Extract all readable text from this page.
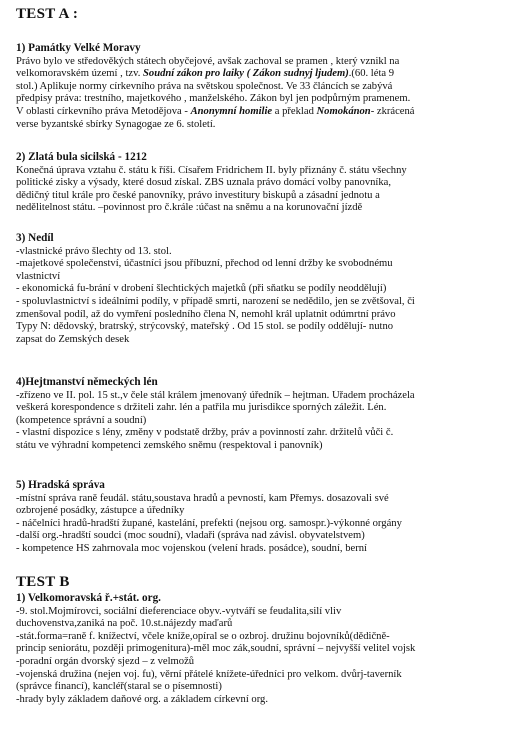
TEST A :
1) Památky Velké Moravy
Právo bylo ve středověkých státech obyčejové, avšak zachoval se pramen , který vznikl na
velkomoravském území , tzv. Soudní zákon pro laiky ( Zákon sudnyj ljudem).(60. léta 9
stol.) Aplikuje normy církevního práva na světskou společnost. Ve 33 článcích se zabývá
předpisy práva: trestního, majetkového , manželského. Zákon byl jen podpůrným pramenem.
V oblasti církevního práva Metodějova - Anonymní homilie a překlad Nomokánon- zkrácená
verse byzantské sbírky Synagogae ze 6. století.
2) Zlatá bula sicilská - 1212
Konečná úprava vztahu č. státu k říši. Císařem Fridrichem II. byly přiznány č. státu všechny
politické zisky a výsady, které dosud získal. ZBS uznala právo domácí volby panovníka,
dědičný titul krále pro české panovníky, právo investitury biskupů a zásadní jednotu a
nedělitelnost státu. –povinnost pro č.krále :účast na sněmu a na korunovační jízdě
3) Nedíl
-vlastnické právo šlechty od 13. stol.
-majetkové společenství, účastníci jsou příbuzní, přechod od lenní držby ke svobodnému
vlastnictví
- ekonomická fu-brání v drobení šlechtických majetků (při sňatku se podíly neoddělují)
- spoluvlastnictví s ideálními podíly, v případě smrti, narození se nedědilo, jen se zvětšoval, či
zmenšoval podíl, až do vymření posledního člena N, nemohl král uplatnit odúmrtní právo
Typy N: dědovský, bratrský, strýcovský, mateřský . Od 15 stol. se podíly oddělují- nutno
zapsat do Zemských desek
4)Hejtmanství německých lén
-zřízeno ve II. pol. 15 st.,v čele stál králem jmenovaný úředník – hejtman. Úřadem procházela
veškerá korespondence s držiteli zahr. lén a patřila mu jurisdikce sporných záležit. Lén.
(kompetence správní a soudní)
- vlastní dispozice s lény, změny v podstatě držby, práv a povinností zahr. držitelů vůči č.
státu ve výhradní kompetenci zemského sněmu (respektoval i panovník)
5) Hradská správa
-místní správa raně feudál. státu,soustava hradů a pevností, kam Přemys. dosazovali své
ozbrojené posádky, zástupce a úředníky
- náčelníci hradů-hradští župané, kastelání, prefekti (nejsou org. samospr.)-výkonné orgány
-další org.-hradští soudci (moc soudní), vladaři (správa nad závisl. obyvatelstvem)
- kompetence HS zahrnovala moc vojenskou (velení hrads. posádce), soudní, berní
TEST B
1) Velkomoravská ř.+stát. org.
-9. stol.Mojmírovci, sociální dieferenciace obyv.-vytváří se feudalita,silí vliv
duchovenstva,zaniká na poč. 10.st.nájezdy maďarů
-stát.forma=raně f. knížectví, včele kníže,opíral se o ozbroj. družinu bojovníků(dědičně-
princip seniorátu, později primogenitura)-měl moc zák,soudní, správní – nejvyšší velitel vojsk
-poradní orgán dvorský sjezd – z velmožů
-vojenská družina (nejen voj. fu), věrní přátelé knížete-úředníci pro velkom. dvůrj-taverník
(správce financí), kancléř(staral se o písemnosti)
-hrady byly základem daňové org. a základem církevní org.
